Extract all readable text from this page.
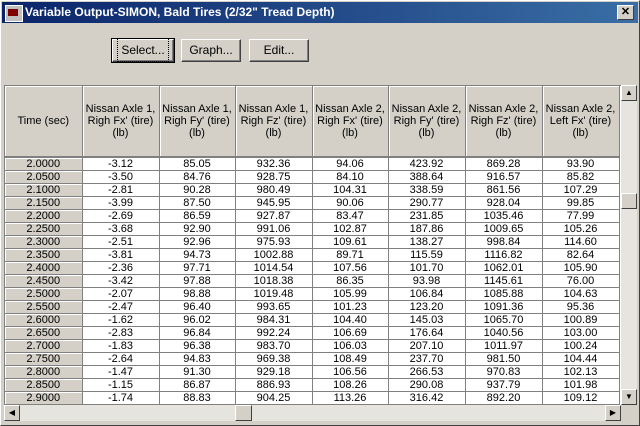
Variable Output-SIMON, Bald Tires (2/32" Tread Depth)	✕
Select...	Graph...	Edit...
Time (sec)	Nissan Axle 1, Righ Fx' (tire) (lb)	Nissan Axle 1, Righ Fy' (tire) (lb)	Nissan Axle 1, Righ Fz' (tire) (lb)	Nissan Axle 2, Righ Fx' (tire) (lb)	Nissan Axle 2, Righ Fy' (tire) (lb)	Nissan Axle 2, Righ Fz' (tire) (lb)	Nissan Axle 2, Left Fx' (tire) (lb)

2.0000	-3.12	85.05	932.36	94.06	423.92	869.28	93.90
2.0500	-3.50	84.76	928.75	84.10	388.64	916.57	85.82
2.1000	-2.81	90.28	980.49	104.31	338.59	861.56	107.29
2.1500	-3.99	87.50	945.95	90.06	290.77	928.04	99.85
2.2000	-2.69	86.59	927.87	83.47	231.85	1035.46	77.99
2.2500	-3.68	92.90	991.06	102.87	187.86	1009.65	105.26
2.3000	-2.51	92.96	975.93	109.61	138.27	998.84	114.60
2.3500	-3.81	94.73	1002.88	89.71	115.59	1116.82	82.64
2.4000	-2.36	97.71	1014.54	107.56	101.70	1062.01	105.90
2.4500	-3.42	97.88	1018.38	86.35	93.98	1145.61	76.00
2.5000	-2.07	98.88	1019.48	105.99	106.84	1085.88	104.63
2.5500	-2.47	96.40	993.65	101.23	123.20	1091.36	95.36
2.6000	-1.62	96.02	984.31	104.40	145.03	1065.70	100.89
2.6500	-2.83	96.84	992.24	106.69	176.64	1040.56	103.00
2.7000	-1.83	96.38	983.70	106.03	207.10	1011.97	100.24
2.7500	-2.64	94.83	969.38	108.49	237.70	981.50	104.44
2.8000	-1.47	91.30	929.18	106.56	266.53	970.83	102.13
2.8500	-1.15	86.87	886.93	108.26	290.08	937.79	101.98
2.9000	-1.74	88.83	904.25	113.26	316.42	892.20	109.12
▲
▼
◀	▶
